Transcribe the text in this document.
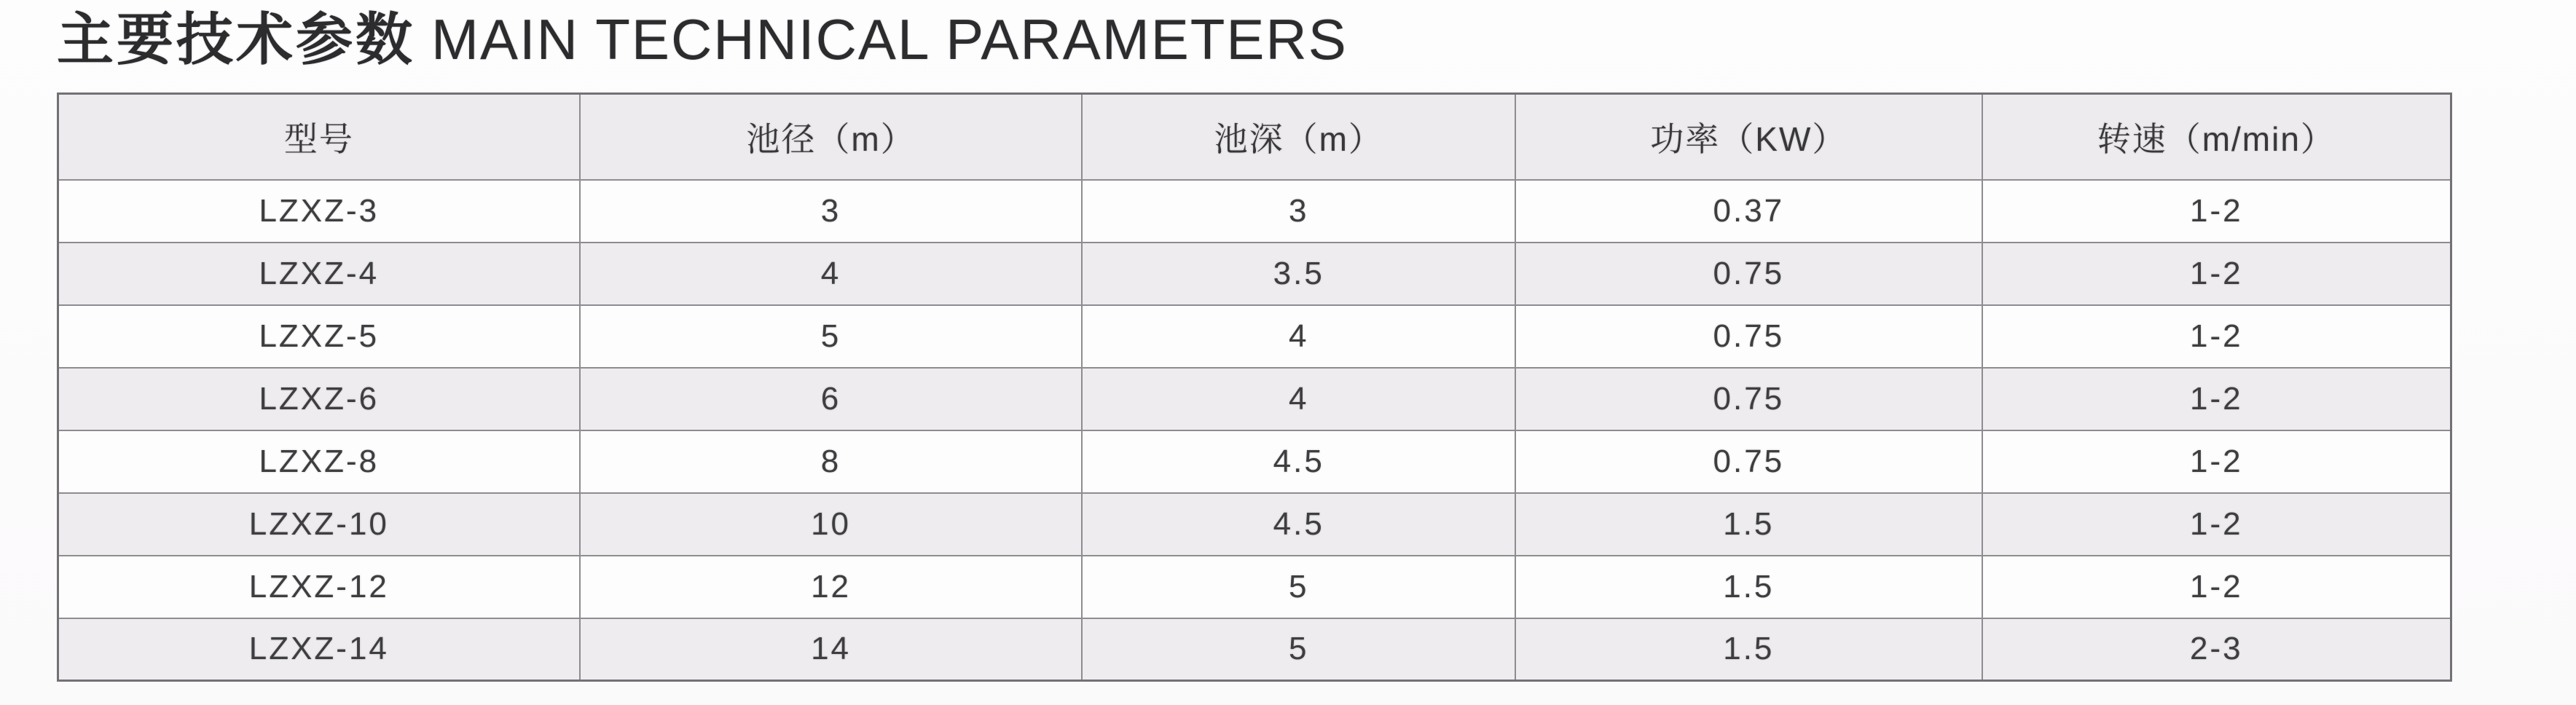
主要技术参数 MAIN TECHNICAL PARAMETERS
型号	池径（m）	池深（m）	功率（KW）	转速（m/min）
LZXZ-3	3	3	0.37	1-2
LZXZ-4	4	3.5	0.75	1-2
LZXZ-5	5	4	0.75	1-2
LZXZ-6	6	4	0.75	1-2
LZXZ-8	8	4.5	0.75	1-2
LZXZ-10	10	4.5	1.5	1-2
LZXZ-12	12	5	1.5	1-2
LZXZ-14	14	5	1.5	2-3
